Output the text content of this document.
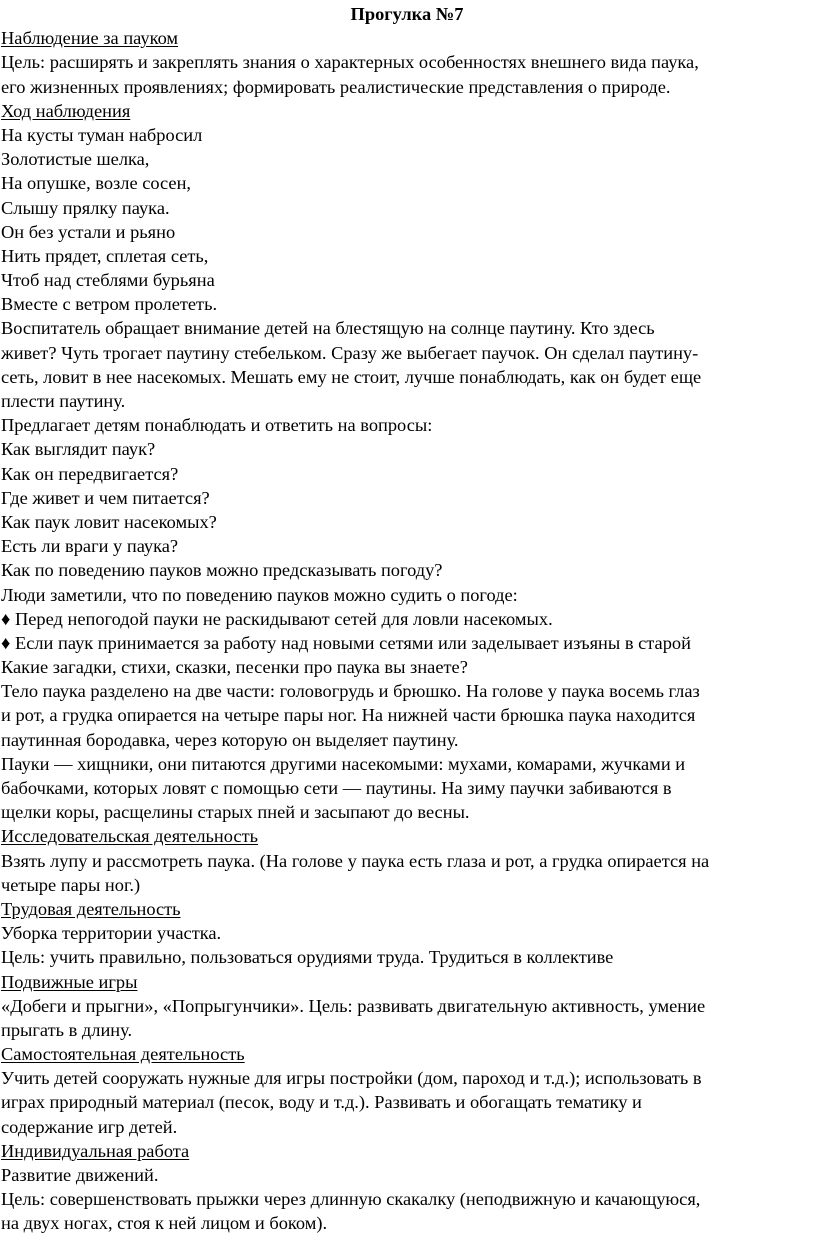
Прогулка №7
Наблюдение за пауком
Цель: расширять и закреплять знания о характерных особенностях внешнего вида паука,
его жизненных проявлениях; формировать реалистические представления о природе.
Ход наблюдения
На кусты туман набросил
Золотистые шелка,
На опушке, возле сосен,
Слышу прялку паука.
Он без устали и рьяно
Нить прядет, сплетая сеть,
Чтоб над стеблями бурьяна
Вместе с ветром пролететь.
Воспитатель обращает внимание детей на блестящую на солнце паутину. Кто здесь
живет? Чуть трогает паутину стебельком. Сразу же выбегает паучок. Он сделал паутину-
сеть, ловит в нее насекомых. Мешать ему не стоит, лучше понаблюдать, как он будет еще
плести паутину.
Предлагает детям понаблюдать и ответить на вопросы:
Как выглядит паук?
Как он передвигается?
Где живет и чем питается?
Как паук ловит насекомых?
Есть ли враги у паука?
Как по поведению пауков можно предсказывать погоду?
Люди заметили, что по поведению пауков можно судить о погоде:
♦ Перед непогодой пауки не раскидывают сетей для ловли насекомых.
♦ Если паук принимается за работу над новыми сетями или заделывает изъяны в старой
Какие загадки, стихи, сказки, песенки про паука вы знаете?
Тело паука разделено на две части: головогрудь и брюшко. На голове у паука восемь глаз
и рот, а грудка опирается на четыре пары ног. На нижней части брюшка паука находится
паутинная бородавка, через которую он выделяет паутину.
Пауки — хищники, они питаются другими насекомыми: мухами, комарами, жучками и
бабочками, которых ловят с помощью сети — паутины. На зиму паучки забиваются в
щелки коры, расщелины старых пней и засыпают до весны.
Исследовательская деятельность
Взять лупу и рассмотреть паука. (На голове у паука есть глаза и рот, а грудка опирается на
четыре пары ног.)
Трудовая деятельность
Уборка территории участка.
Цель: учить правильно, пользоваться орудиями труда. Трудиться в коллективе
Подвижные игры
«Добеги и прыгни», «Попрыгунчики». Цель: развивать двигательную активность, умение
прыгать в длину.
Самостоятельная деятельность
Учить детей сооружать нужные для игры постройки (дом, пароход и т.д.); использовать в
играх природный материал (песок, воду и т.д.). Развивать и обогащать тематику и
содержание игр детей.
Индивидуальная работа
Развитие движений.
Цель: совершенствовать прыжки через длинную скакалку (неподвижную и качающуюся,
на двух ногах, стоя к ней лицом и боком).
